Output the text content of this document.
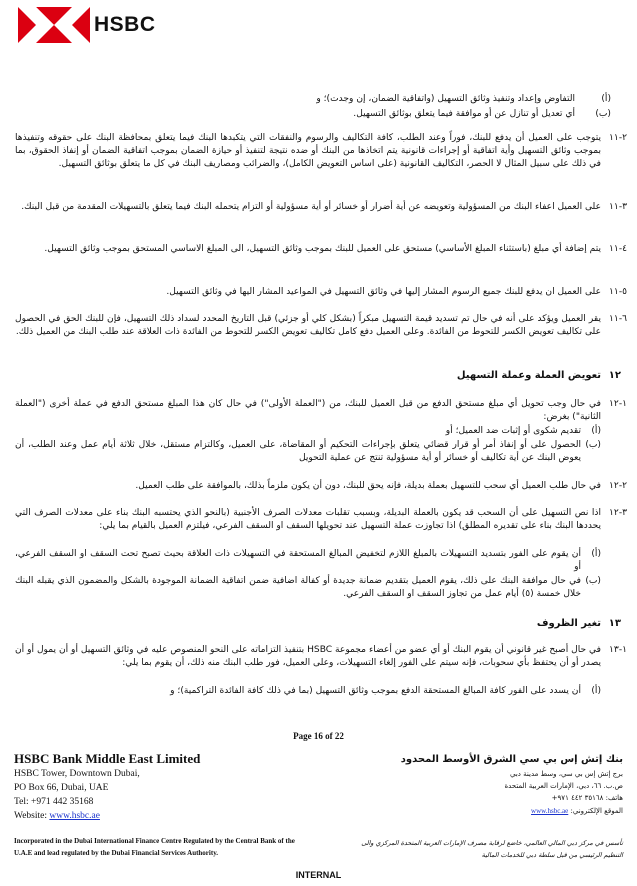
HSBC
التفاوض وإعداد وتنفيذ وثائق التسهيل (واتفاقية الضمان، إن وجدت)؛ و	(أ)
أي تعديل أو تنازل عن أو موافقة فيما يتعلق بوثائق التسهيل. (ب)
٢-١١
يتوجب على العميل أن يدفع للبنك، فوراً وعند الطلب، كافة التكاليف والرسوم والنفقات التي يتكبدها البنك فيما يتعلق بمحافظة البنك على حقوقه وتنفيذها بموجب وثائق التسهيل وأية اتفاقية أو إجراءات قانونية يتم اتخاذها من البنك أو ضده نتيجة لتنفيذ أو حيازة الضمان بموجب اتفاقية الضمان أو إنفاذ الحقوق، بما في ذلك على سبيل المثال لا الحصر، التكاليف القانونية (على اساس التعويض الكامل)، والضرائب ومصاريف البنك في كل ما يتعلق بوثائق التسهيل.
٣-١١
على العميل اعفاء البنك من المسؤولية وتعويضه عن أية أضرار أو خسائر أو أية مسؤولية أو التزام يتحمله البنك فيما يتعلق بالتسهيلات المقدمة من قبل البنك.
٤-١١
يتم إضافة أي مبلغ (باستثناء المبلغ الأساسي) مستحق على العميل للبنك بموجب وثائق التسهيل، الى المبلغ الاساسي المستحق بموجب وثائق التسهيل.
٥-١١
على العميل ان يدفع للبنك جميع الرسوم المشار إليها في وثائق التسهيل في المواعيد المشار اليها في وثائق التسهيل.
٦-١١
يقر العميل ويؤكد على أنه في حال تم تسديد قيمة التسهيل مبكراً (بشكل كلي أو جزئي) قبل التاريخ المحدد لسداد ذلك التسهيل، فإن للبنك الحق في الحصول على تكاليف تعويض الكسر للتحوط من الفائدة. وعلى العميل دفع كامل تكاليف تعويض الكسر للتحوط من الفائدة ذات العلاقة عند طلب البنك من العميل ذلك.
١٢
تعويض العملة وعملة التسهيل
١-١٢
في حال وجب تحويل أي مبلغ مستحق الدفع من قبل العميل للبنك، من ("العملة الأولى") في حال كان هذا المبلغ مستحق الدفع في عملة أخرى ("العملة الثانية") بغرض:
(أ)
تقديم شكوى أو إثبات ضد العميل؛ أو
(ب)
الحصول على أو إنفاذ أمر أو قرار قضائي يتعلق بإجراءات التحكيم أو المقاضاة، على العميل، وكالتزام مستقل، خلال ثلاثة أيام عمل وعند الطلب، أن يعوض البنك عن أية تكاليف أو خسائر أو أية مسؤولية تنتج عن عملية التحويل
٢-١٢
في حال طلب العميل أي سحب للتسهيل بعملة بديلة، فإنه يحق للبنك، دون أن يكون ملزماً بذلك، بالموافقة على طلب العميل.
٣-١٢
اذا نص التسهيل على أن السحب قد يكون بالعملة البديلة، وبسبب تقلبات معدلات الصرف الأجنبية (بالنحو الذي يحتسبه البنك بناء على معدلات الصرف التي يحددها البنك بناء على تقديره المطلق) اذا تجاوزت عملة التسهيل عند تحويلها السقف او السقف الفرعي، فيلتزم العميل بالقيام بما يلي:
(أ)
أن يقوم على الفور بتسديد التسهيلات بالمبلغ اللازم لتخفيض المبالغ المستحقة في التسهيلات ذات العلاقة بحيث تصبح تحت السقف او السقف الفرعي، أو
(ب)
في حال موافقة البنك على ذلك، يقوم العميل بتقديم ضمانة جديدة أو كفالة اضافية ضمن اتفاقية الضمانة الموجودة بالشكل والمضمون الذي يقبله البنك خلال خمسة (٥) أيام عمل من تجاوز السقف او السقف الفرعي.
١٣
تغير الظروف
١-١٣
في حال أصبح غير قانوني أن يقوم البنك أو أي عضو من أعضاء مجموعة HSBC بتنفيذ التزاماته على النحو المنصوص عليه في وثائق التسهيل أو أن يمول أو أن يصدر أو أن يحتفظ بأي سحوبات، فإنه سيتم على الفور إلغاء التسهيلات، وعلى العميل، فور طلب البنك منه ذلك، أن يقوم بما يلي:
(أ)
أن يسدد على الفور كافة المبالغ المستحقة الدفع بموجب وثائق التسهيل (بما في ذلك كافة الفائدة التراكمية)؛ و
Page 16 of 22
HSBC Bank Middle East Limited
HSBC Tower, Downtown Dubai,
PO Box 66, Dubai, UAE
Tel: +971 442 35168
Website: www.hsbc.ae
Incorporated in the Dubai International Finance Centre Regulated by the Central Bank of the
U.A.E and lead regulated by the Dubai Financial Services Authority.
بنك إتش إس بي سي الشرق الأوسط المحدود
برج إتش إس بي سي، وسط مدينة دبي
ص.ب. ٦٦، دبي، الإمارات العربية المتحدة
هاتف: ٣٥١٦٨ ٤٤٢ ٩٧١+
الموقع الإلكتروني: www.hsbc.ae
تأسس في مركز دبي المالي العالمي، خاضع لرقابة مصرف الإمارات العربية المتحدة المركزي والى
التنظيم الرئيسي من قبل سلطة دبي للخدمات المالية
INTERNAL
